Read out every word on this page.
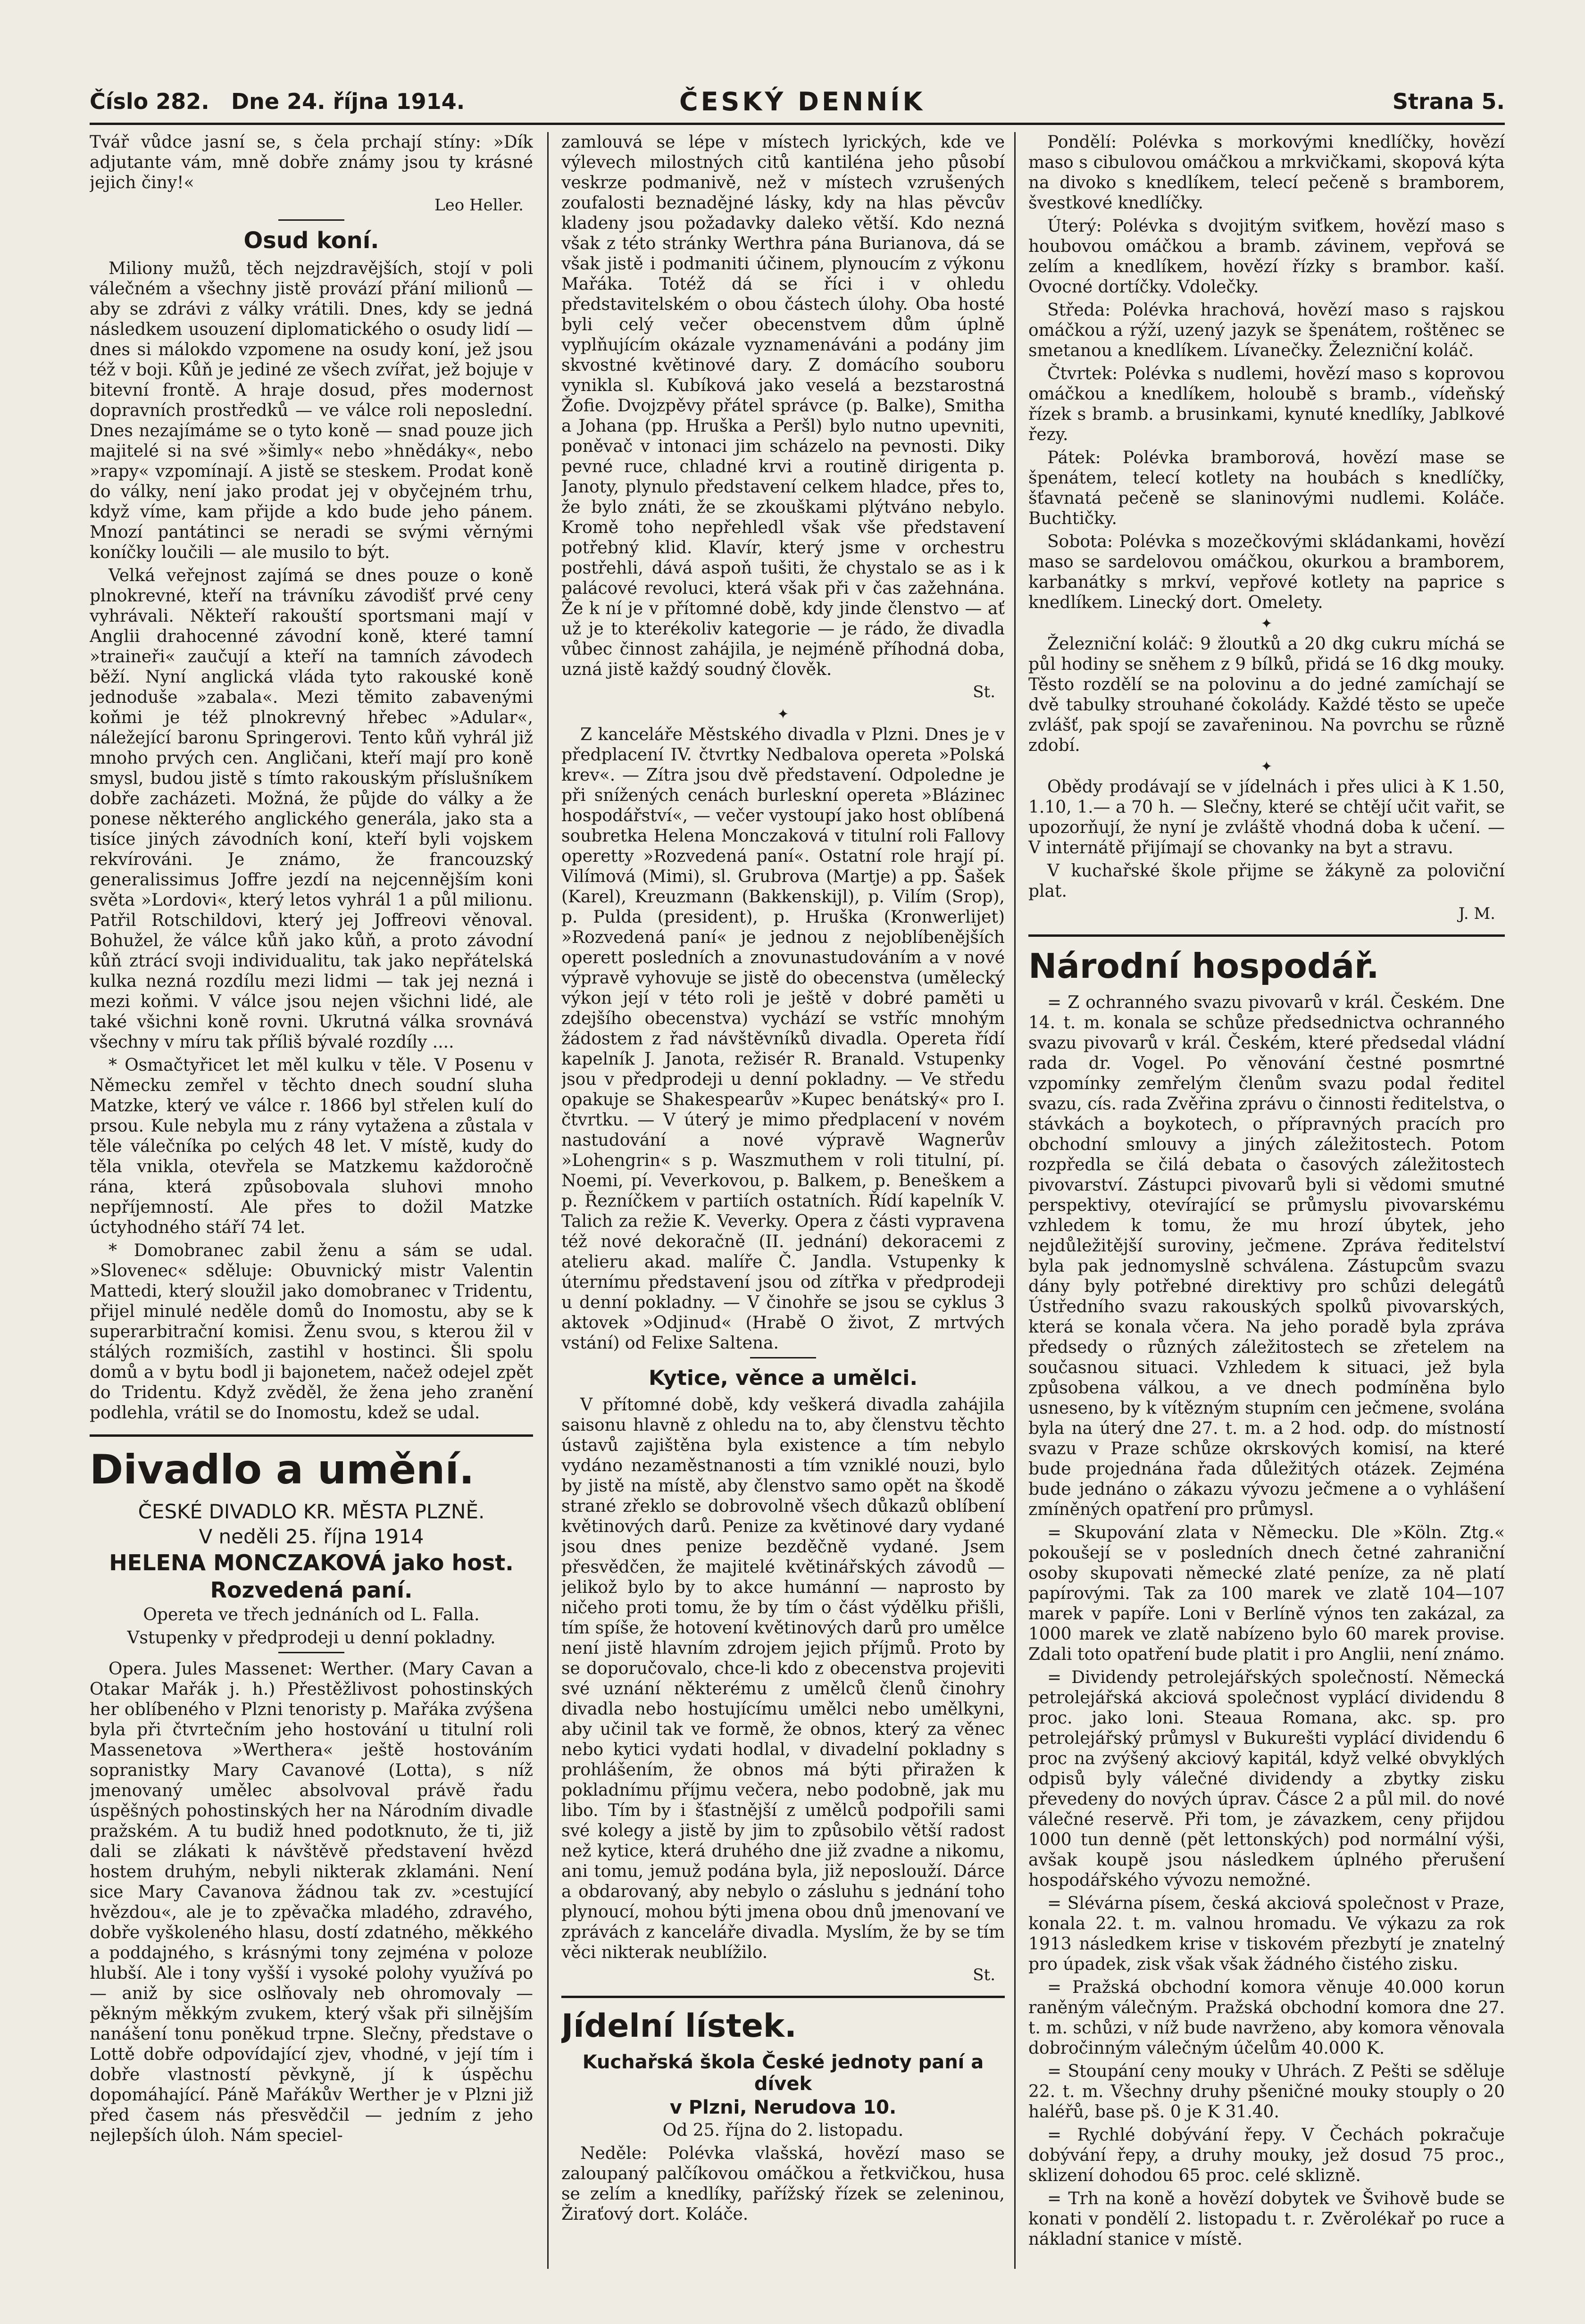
Číslo 282. Dne 24. října 1914.	ČESKÝ DENNÍK	Strana 5.

Tvář vůdce jasní se, s čela prchají stíny: »Dík adjutante vám, mně dobře známy jsou ty krásné jejich činy!«

Leo Heller.
Osud koní.

Miliony mužů, těch nejzdravějších, stojí v poli válečném a všechny jistě provází přání milionů — aby se zdrávi z války vrátili. Dnes, kdy se jedná následkem usouzení diplomatického o osudy lidí — dnes si málokdo vzpomene na osudy koní, jež jsou též v boji. Kůň je jediné ze všech zvířat, jež bojuje v bitevní frontě. A hraje dosud, přes modernost dopravních prostředků — ve válce roli neposlední. Dnes nezajímáme se o tyto koně — snad pouze jich majitelé si na své »šimly« nebo »hnědáky«, nebo »rapy« vzpomínají. A jistě se steskem. Prodat koně do války, není jako prodat jej v obyčejném trhu, když víme, kam přijde a kdo bude jeho pánem. Mnozí pantátinci se neradi se svými věrnými koníčky loučili — ale musilo to být.

Velká veřejnost zajímá se dnes pouze o koně plnokrevné, kteří na trávníku závodišť prvé ceny vyhrávali. Někteří rakouští sportsmani mají v Anglii drahocenné závodní koně, které tamní »traineři« zaučují a kteří na tamních závodech běží. Nyní anglická vláda tyto rakouské koně jednoduše »zabala«. Mezi těmito zabavenými koňmi je též plnokrevný hřebec »Adular«, náležející baronu Springerovi. Tento kůň vyhrál již mnoho prvých cen. Angličani, kteří mají pro koně smysl, budou jistě s tímto rakouským příslušníkem dobře zacházeti. Možná, že půjde do války a že ponese některého anglického generála, jako sta a tisíce jiných závodních koní, kteří byli vojskem rekvírováni. Je známo, že francouzský generalissimus Joffre jezdí na nejcennějším koni světa »Lordovi«, který letos vyhrál 1 a půl milionu. Patřil Rotschildovi, který jej Joffreovi věnoval. Bohužel, že válce kůň jako kůň, a proto závodní kůň ztrácí svoji individualitu, tak jako nepřátelská kulka nezná rozdílu mezi lidmi — tak jej nezná i mezi koňmi. V válce jsou nejen všichni lidé, ale také všichni koně rovni. Ukrutná válka srovnává všechny v míru tak příliš bývalé rozdíly ....

* Osmačtyřicet let měl kulku v těle. V Posenu v Německu zemřel v těchto dnech soudní sluha Matzke, který ve válce r. 1866 byl střelen kulí do prsou. Kule nebyla mu z rány vytažena a zůstala v těle válečníka po celých 48 let. V místě, kudy do těla vnikla, otevřela se Matzkemu každoročně rána, která způsobovala sluhovi mnoho nepříjemností. Ale přes to dožil Matzke úctyhodného stáří 74 let.

* Domobranec zabil ženu a sám se udal. »Slovenec« sděluje: Obuvnický mistr Valentin Mattedi, který sloužil jako domobranec v Tridentu, přijel minulé neděle domů do Inomostu, aby se k superarbitrační komisi. Ženu svou, s kterou žil v stálých rozmiších, zastihl v hostinci. Šli spolu domů a v bytu bodl ji bajonetem, načež odejel zpět do Tridentu. Když zvěděl, že žena jeho zranění podlehla, vrátil se do Inomostu, kdež se udal.

Divadlo a umění.
ČESKÉ DIVADLO KR. MĚSTA PLZNĚ.
V neděli 25. října 1914
HELENA MONCZAKOVÁ jako host.
Rozvedená paní.

Opereta ve třech jednáních od L. Falla.

Vstupenky v předprodeji u denní pokladny.

Opera. Jules Massenet: Werther. (Mary Cavan a Otakar Mařák j. h.) Přestěžlivost pohostinských her oblíbeného v Plzni tenoristy p. Mařáka zvýšena byla při čtvrtečním jeho hostování u titulní roli Massenetova »Werthera« ještě hostováním sopranistky Mary Cavanové (Lotta), s níž jmenovaný umělec absolvoval právě řadu úspěšných pohostinských her na Národním divadle pražském. A tu budiž hned podotknuto, že ti, již dali se zlákati k návštěvě představení hvězd hostem druhým, nebyli nikterak zklamáni. Není sice Mary Cavanova žádnou tak zv. »cestující hvězdou«, ale je to zpěvačka mladého, zdravého, dobře vyškoleného hlasu, dostí zdatného, měkkého a poddajného, s krásnými tony zejména v poloze hlubší. Ale i tony vyšší i vysoké polohy využívá po — aniž by sice oslňovaly neb ohromovaly — pěkným měkkým zvukem, který však při silnějším nanášení tonu poněkud trpne. Slečny, představe o Lottě dobře odpovídající zjev, vhodné, v její tím i dobře vlastností pěvkyně, jí k úspěchu dopomáhající. Páně Mařákův Werther je v Plzni již před časem nás přesvědčil — jedním z jeho nejlepších úloh. Nám speciel-

zamlouvá se lépe v místech lyrických, kde ve výlevech milostných citů kantiléna jeho působí veskrze podmanivě, než v místech vzrušených zoufalosti beznadějné lásky, kdy na hlas pěvcův kladeny jsou požadavky daleko větší. Kdo nezná však z této stránky Werthra pána Burianova, dá se však jistě i podmaniti účinem, plynoucím z výkonu Mařáka. Totéž dá se říci i v ohledu představitelském o obou částech úlohy. Oba hosté byli celý večer obecenstvem dům úplně vyplňujícím okázale vyznamenáváni a podány jim skvostné květinové dary. Z domácího souboru vynikla sl. Kubíková jako veselá a bezstarostná Žofie. Dvojzpěvy přátel správce (p. Balke), Smitha a Johana (pp. Hruška a Peršl) bylo nutno upevniti, poněvač v intonaci jim scházelo na pevnosti. Diky pevné ruce, chladné krvi a routině dirigenta p. Janoty, plynulo představení celkem hladce, přes to, že bylo znáti, že se zkouškami plýtváno nebylo. Kromě toho nepřehledl však vše představení potřebný klid. Klavír, který jsme v orchestru postřehli, dává aspoň tušiti, že chystalo se as i k palácové revoluci, která však při v čas zažehnána. Že k ní je v přítomné době, kdy jinde členstvo — ať už je to kterékoliv kategorie — je rádo, že divadla vůbec činnost zahájila, je nejméně příhodná doba, uzná jistě každý soudný člověk.

St.
✦

Z kanceláře Městského divadla v Plzni. Dnes je v předplacení IV. čtvrtky Nedbalova opereta »Polská krev«. — Zítra jsou dvě představení. Odpoledne je při snížených cenách burleskní opereta »Blázinec hospodářství«, — večer vystoupí jako host oblíbená soubretka Helena Monczaková v titulní roli Fallovy operetty »Rozvedená paní«. Ostatní role hrají pí. Vilímová (Mimi), sl. Grubrova (Martje) a pp. Šašek (Karel), Kreuzmann (Bakkenskijl), p. Vilím (Srop), p. Pulda (president), p. Hruška (Kronwerlijet) »Rozvedená paní« je jednou z nejoblíbenějších operett posledních a znovunastudováním a v nové výpravě vyhovuje se jistě do obecenstva (umělecký výkon její v této roli je ještě v dobré paměti u zdejšího obecenstva) vychází se vstříc mnohým žádostem z řad návštěvníků divadla. Opereta řídí kapelník J. Janota, režisér R. Branald. Vstupenky jsou v předprodeji u denní pokladny. — Ve středu opakuje se Shakespearův »Kupec benátský« pro I. čtvrtku. — V úterý je mimo předplacení v novém nastudování a nové výpravě Wagnerův »Lohengrin« s p. Waszmuthem v roli titulní, pí. Noemi, pí. Veverkovou, p. Balkem, p. Beneškem a p. Řezníčkem v partiích ostatních. Řídí kapelník V. Talich za režie K. Veverky. Opera z části vypravena též nové dekoračně (II. jednání) dekoracemi z atelieru akad. malíře Č. Jandla. Vstupenky k úternímu představení jsou od zítřka v předprodeji u denní pokladny. — V činohře se jsou se cyklus 3 aktovek »Odjinud« (Hrabě O život, Z mrtvých vstání) od Felixe Saltena.

Kytice, věnce a umělci.

V přítomné době, kdy veškerá divadla zahájila saisonu hlavně z ohledu na to, aby členstvu těchto ústavů zajištěna byla existence a tím nebylo vydáno nezaměstnanosti a tím vzniklé nouzi, bylo by jistě na místě, aby členstvo samo opět na škodě strané zřeklo se dobrovolně všech důkazů oblíbení květinových darů. Penize za květinové dary vydané jsou dnes penize bezděčně vydané. Jsem přesvědčen, že majitelé květinářských závodů — jelikož bylo by to akce humánní — naprosto by ničeho proti tomu, že by tím o část výdělku přišli, tím spíše, že hotovení květinových darů pro umělce není jistě hlavním zdrojem jejich příjmů. Proto by se doporučovalo, chce-li kdo z obecenstva projeviti své uznání některému z umělců členů činohry divadla nebo hostujícímu umělci nebo umělkyni, aby učinil tak ve formě, že obnos, který za věnec nebo kytici vydati hodlal, v divadelní pokladny s prohlášením, že obnos má býti přiražen k pokladnímu příjmu večera, nebo podobně, jak mu libo. Tím by i šťastnější z umělců podpořili sami své kolegy a jistě by jim to způsobilo větší radost než kytice, která druhého dne již zvadne a nikomu, ani tomu, jemuž podána byla, již neposlouží. Dárce a obdarovaný, aby nebylo o zásluhu s jednání toho plynoucí, mohou býti jmena obou dnů jmenovaní ve zprávách z kanceláře divadla. Myslím, že by se tím věci nikterak neublížilo.

St.
Jídelní lístek.
Kuchařská škola České jednoty paní a dívek
v Plzni, Nerudova 10.

Od 25. října do 2. listopadu.

Neděle: Polévka vlašská, hovězí maso se zaloupaný palčíkovou omáčkou a řetkvičkou, husa se zelím a knedlíky, pařížský řízek se zeleninou, Žiraťový dort. Koláče.

Pondělí: Polévka s morkovými knedlíčky, hovězí maso s cibulovou omáčkou a mrkvičkami, skopová kýta na divoko s knedlíkem, telecí pečeně s bramborem, švestkové knedlíčky.

Úterý: Polévka s dvojitým sviťkem, hovězí maso s houbovou omáčkou a bramb. závinem, vepřová se zelím a knedlíkem, hovězí řízky s brambor. kaší. Ovocné dortíčky. Vdolečky.

Středa: Polévka hrachová, hovězí maso s rajskou omáčkou a rýží, uzený jazyk se špenátem, roštěnec se smetanou a knedlíkem. Lívanečky. Železniční koláč.

Čtvrtek: Polévka s nudlemi, hovězí maso s koprovou omáčkou a knedlíkem, holoubě s bramb., vídeňský řízek s bramb. a brusinkami, kynuté knedlíky, Jablkové řezy.

Pátek: Polévka bramborová, hovězí mase se špenátem, telecí kotlety na houbách s knedlíčky, šťavnatá pečeně se slaninovými nudlemi. Koláče. Buchtičky.

Sobota: Polévka s mozečkovými skládankami, hovězí maso se sardelovou omáčkou, okurkou a bramborem, karbanátky s mrkví, vepřové kotlety na paprice s knedlíkem. Linecký dort. Omelety.

✦

Železniční koláč: 9 žloutků a 20 dkg cukru míchá se půl hodiny se sněhem z 9 bílků, přidá se 16 dkg mouky. Těsto rozdělí se na polovinu a do jedné zamíchají se dvě tabulky strouhané čokolády. Každé těsto se upeče zvlášť, pak spojí se zavařeninou. Na povrchu se různě zdobí.

✦

Obědy prodávají se v jídelnách i přes ulici à K 1.50, 1.10, 1.— a 70 h. — Slečny, které se chtějí učit vařit, se upozorňují, že nyní je zvláště vhodná doba k učení. — V internátě přijímají se chovanky na byt a stravu.

V kuchařské škole přijme se žákyně za poloviční plat.

J. M.
Národní hospodář.

= Z ochranného svazu pivovarů v král. Českém. Dne 14. t. m. konala se schůze předsednictva ochranného svazu pivovarů v král. Českém, které předsedal vládní rada dr. Vogel. Po věnování čestné posmrtné vzpomínky zemřelým členům svazu podal ředitel svazu, cís. rada Zvěřina zprávu o činnosti ředitelstva, o stávkách a boykotech, o přípravných pracích pro obchodní smlouvy a jiných záležitostech. Potom rozpředla se čilá debata o časových záležitostech pivovarství. Zástupci pivovarů byli si vědomi smutné perspektivy, otevírající se průmyslu pivovarskému vzhledem k tomu, že mu hrozí úbytek, jeho nejdůležitější suroviny, ječmene. Zpráva ředitelství byla pak jednomyslně schválena. Zástupcům svazu dány byly potřebné direktivy pro schůzi delegátů Ústředního svazu rakouských spolků pivovarských, která se konala včera. Na jeho poradě byla zpráva předsedy o různých záležitostech se zřetelem na současnou situaci. Vzhledem k situaci, jež byla způsobena válkou, a ve dnech podmíněna bylo usneseno, by k vítězným stupním cen ječmene, svolána byla na úterý dne 27. t. m. a 2 hod. odp. do místností svazu v Praze schůze okrskových komisí, na které bude projednána řada důležitých otázek. Zejména bude jednáno o zákazu vývozu ječmene a o vyhlášení zmíněných opatření pro průmysl.

= Skupování zlata v Německu. Dle »Köln. Ztg.« pokoušejí se v posledních dnech četné zahraniční osoby skupovati německé zlaté peníze, za ně platí papírovými. Tak za 100 marek ve zlatě 104—107 marek v papíře. Loni v Berlíně výnos ten zakázal, za 1000 marek ve zlatě nabízeno bylo 60 marek provise. Zdali toto opatření bude platit i pro Anglii, není známo.

= Dividendy petrolejářských společností. Německá petrolejářská akciová společnost vyplácí dividendu 8 proc. jako loni. Steaua Romana, akc. sp. pro petrolejářský průmysl v Bukurešti vyplácí dividendu 6 proc na zvýšený akciový kapitál, když velké obvyklých odpisů byly válečné dividendy a zbytky zisku převedeny do nových úprav. Čásce 2 a půl mil. do nové válečné reservě. Při tom, je závazkem, ceny přijdou 1000 tun denně (pět lettonských) pod normální výši, avšak koupě jsou následkem úplného přerušení hospodářského vývozu nemožné.

= Slévárna písem, česká akciová společnost v Praze, konala 22. t. m. valnou hromadu. Ve výkazu za rok 1913 následkem krise v tiskovém přezbytí je znatelný pro úpadek, zisk však však žádného čistého zisku.

= Pražská obchodní komora věnuje 40.000 korun raněným válečným. Pražská obchodní komora dne 27. t. m. schůzi, v níž bude navrženo, aby komora věnovala dobročinným válečným účelům 40.000 K.

= Stoupání ceny mouky v Uhrách. Z Pešti se sděluje 22. t. m. Všechny druhy pšeničné mouky stouply o 20 haléřů, base pš. 0 je K 31.40.

= Rychlé dobývání řepy. V Čechách pokračuje dobývání řepy, a druhy mouky, jež dosud 75 proc., sklizení dohodou 65 proc. celé sklizně.

= Trh na koně a hovězí dobytek ve Švihově bude se konati v pondělí 2. listopadu t. r. Zvěrolékař po ruce a nákladní stanice v místě.
